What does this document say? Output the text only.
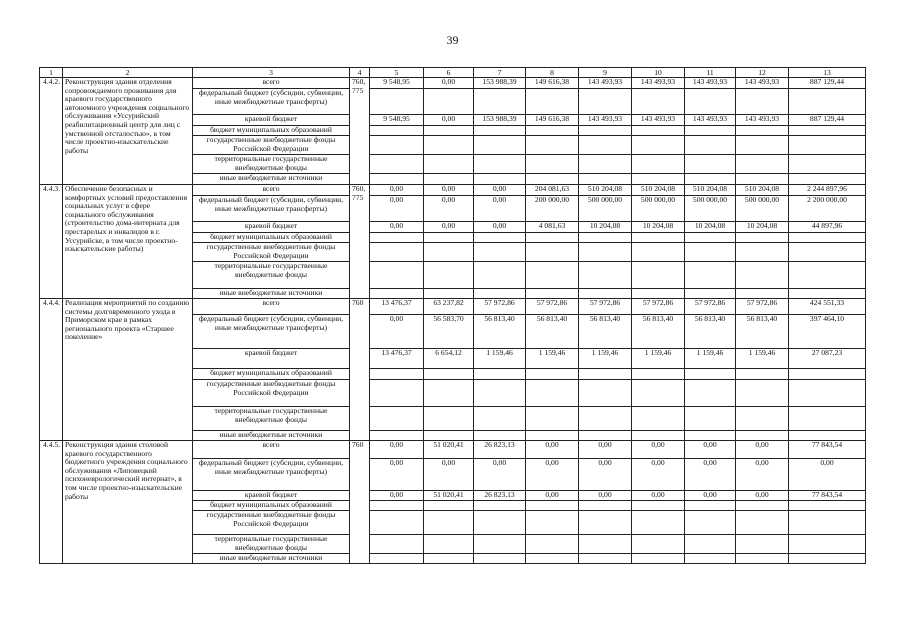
39
1	2	3	4	5	6	7	8	9	10	11	12	13
4.4.2.	Реконструкция здания отделения сопровождаемого проживания для краевого государственного автономного учреждения социального обслуживания «Уссурийский реабилитационный центр для лиц с умственной отсталостью», в том числе проектно-изыскательские работы	всего	760, 775	9 548,95	0,00	153 988,39	149 616,38	143 493,93	143 493,93	143 493,93	143 493,93	887 129,44
		федеральный бюджет (субсидии, субвенции, иные межбюджетные трансферты)										
		краевой бюджет		9 548,95	0,00	153 988,39	149 616,38	143 493,93	143 493,93	143 493,93	143 493,93	887 129,44
		бюджет муниципальных образований										
		государственные внебюджетные фонды Российской Федерации										
		территориальные государственные внебюджетные фонды										
		иные внебюджетные источники										
4.4.3.	Обеспечение безопасных и комфортных условий предоставления социальных услуг в сфере социального обслуживания (строительство дома-интерната для престарелых и инвалидов в г. Уссурийске, в том числе проектно-изыскательские работы)	всего	760, 775	0,00	0,00	0,00	204 081,63	510 204,08	510 204,08	510 204,08	510 204,08	2 244 897,96
		федеральный бюджет (субсидии, субвенции, иные межбюджетные трансферты)		0,00	0,00	0,00	200 000,00	500 000,00	500 000,00	500 000,00	500 000,00	2 200 000,00
		краевой бюджет		0,00	0,00	0,00	4 081,63	10 204,08	10 204,08	10 204,08	10 204,08	44 897,96
		бюджет муниципальных образований										
		государственные внебюджетные фонды Российской Федерации										
		территориальные государственные внебюджетные фонды										
		иные внебюджетные источники										
4.4.4.	Реализация мероприятий по созданию системы долговременного ухода в Приморском крае в рамках регионального проекта «Старшее поколение»	всего	760	13 476,37	63 237,82	57 972,86	57 972,86	57 972,86	57 972,86	57 972,86	57 972,86	424 551,33
		федеральный бюджет (субсидии, субвенции, иные межбюджетные трансферты)		0,00	56 583,70	56 813,40	56 813,40	56 813,40	56 813,40	56 813,40	56 813,40	397 464,10
		краевой бюджет		13 476,37	6 654,12	1 159,46	1 159,46	1 159,46	1 159,46	1 159,46	1 159,46	27 087,23
		бюджет муниципальных образований										
		государственные внебюджетные фонды Российской Федерации										
		территориальные государственные внебюджетные фонды										
		иные внебюджетные источники										
4.4.5.	Реконструкция здания столовой краевого государственного бюджетного учреждения социального обслуживания «Липовецкий психоневрологический интернат», в том числе проектно-изыскательские работы	всего	760	0,00	51 020,41	26 823,13	0,00	0,00	0,00	0,00	0,00	77 843,54
		федеральный бюджет (субсидии, субвенции, иные межбюджетные трансферты)		0,00	0,00	0,00	0,00	0,00	0,00	0,00	0,00	0,00
		краевой бюджет		0,00	51 020,41	26 823,13	0,00	0,00	0,00	0,00	0,00	77 843,54
		бюджет муниципальных образований										
		государственные внебюджетные фонды Российской Федерации										
		территориальные государственные внебюджетные фонды										
		иные внебюджетные источники										
